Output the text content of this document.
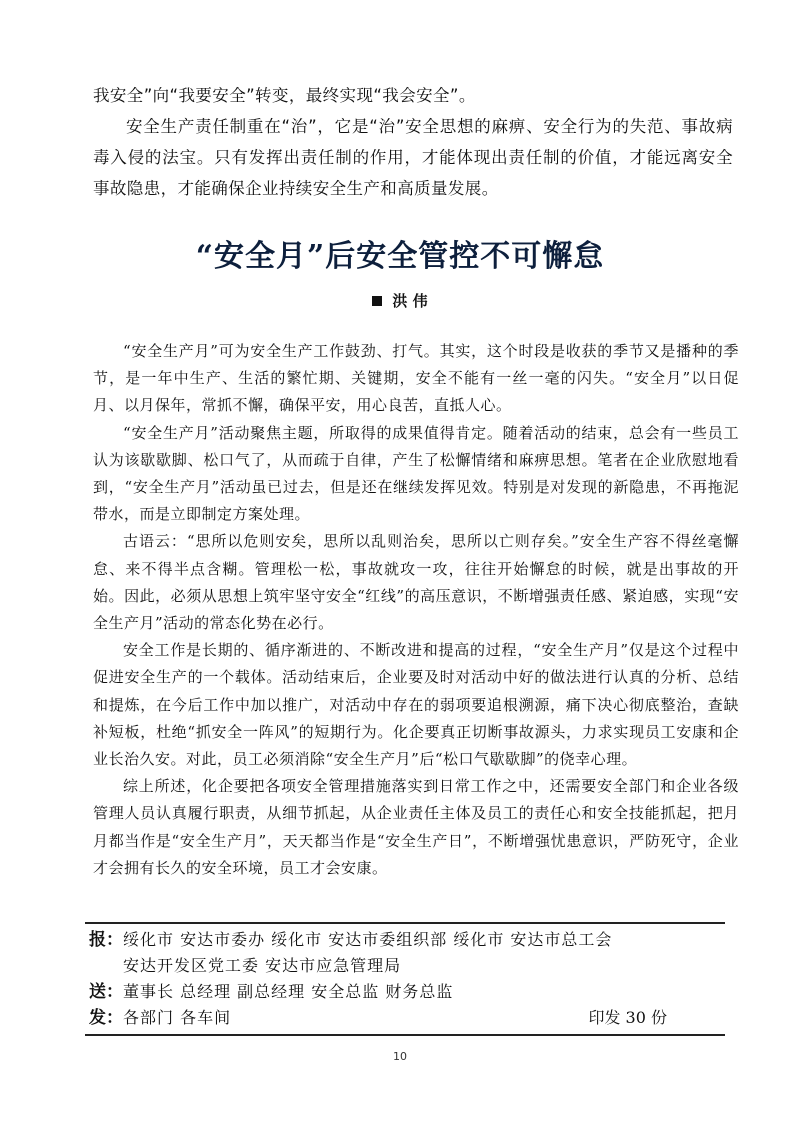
我安全”向“我要安全”转变，最终实现“我会安全”。

安全生产责任制重在“治”，它是“治”安全思想的麻痹、安全行为的失范、事故病毒入侵的法宝。只有发挥出责任制的作用，才能体现出责任制的价值，才能远离安全事故隐患，才能确保企业持续安全生产和高质量发展。

“安全月”后安全管控不可懈怠
洪 伟

“安全生产月”可为安全生产工作鼓劲、打气。其实，这个时段是收获的季节又是播种的季节，是一年中生产、生活的繁忙期、关键期，安全不能有一丝一毫的闪失。“安全月”以日促月、以月保年，常抓不懈，确保平安，用心良苦，直抵人心。

“安全生产月”活动聚焦主题，所取得的成果值得肯定。随着活动的结束，总会有一些员工认为该歇歇脚、松口气了，从而疏于自律，产生了松懈情绪和麻痹思想。笔者在企业欣慰地看到，“安全生产月”活动虽已过去，但是还在继续发挥见效。特别是对发现的新隐患，不再拖泥带水，而是立即制定方案处理。

古语云：“思所以危则安矣，思所以乱则治矣，思所以亡则存矣。”安全生产容不得丝毫懈怠、来不得半点含糊。管理松一松，事故就攻一攻，往往开始懈怠的时候，就是出事故的开始。因此，必须从思想上筑牢坚守安全“红线”的高压意识，不断增强责任感、紧迫感，实现“安全生产月”活动的常态化势在必行。

安全工作是长期的、循序渐进的、不断改进和提高的过程，“安全生产月”仅是这个过程中促进安全生产的一个载体。活动结束后，企业要及时对活动中好的做法进行认真的分析、总结和提炼，在今后工作中加以推广，对活动中存在的弱项要追根溯源，痛下决心彻底整治，查缺补短板，杜绝“抓安全一阵风”的短期行为。化企要真正切断事故源头，力求实现员工安康和企业长治久安。对此，员工必须消除“安全生产月”后“松口气歇歇脚”的侥幸心理。

综上所述，化企要把各项安全管理措施落实到日常工作之中，还需要安全部门和企业各级管理人员认真履行职责，从细节抓起，从企业责任主体及员工的责任心和安全技能抓起，把月月都当作是“安全生产月”，天天都当作是“安全生产日”，不断增强忧患意识，严防死守，企业才会拥有长久的安全环境，员工才会安康。

报：绥化市 安达市委办 绥化市 安达市委组织部 绥化市 安达市总工会
安达开发区党工委 安达市应急管理局
送：董事长 总经理 副总经理 安全总监 财务总监
发：各部门 各车间	印发 30 份
10
